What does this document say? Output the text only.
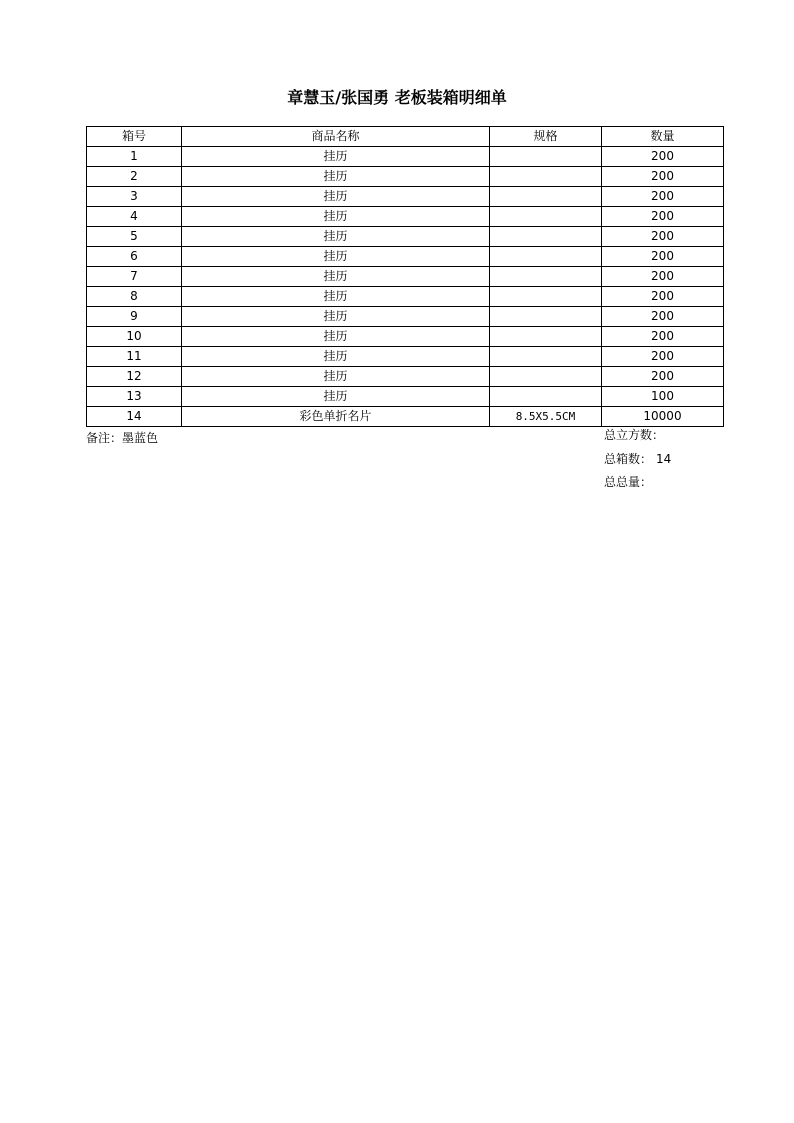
章慧玉/张国勇 老板装箱明细单
箱号	商品名称	规格	数量
1	挂历		200
2	挂历		200
3	挂历		200
4	挂历		200
5	挂历		200
6	挂历		200
7	挂历		200
8	挂历		200
9	挂历		200
10	挂历		200
11	挂历		200
12	挂历		200
13	挂历		100
14	彩色单折名片	8.5X5.5CM	10000
备注：墨蓝色	总立方数：
总箱数： 14
总总量：
